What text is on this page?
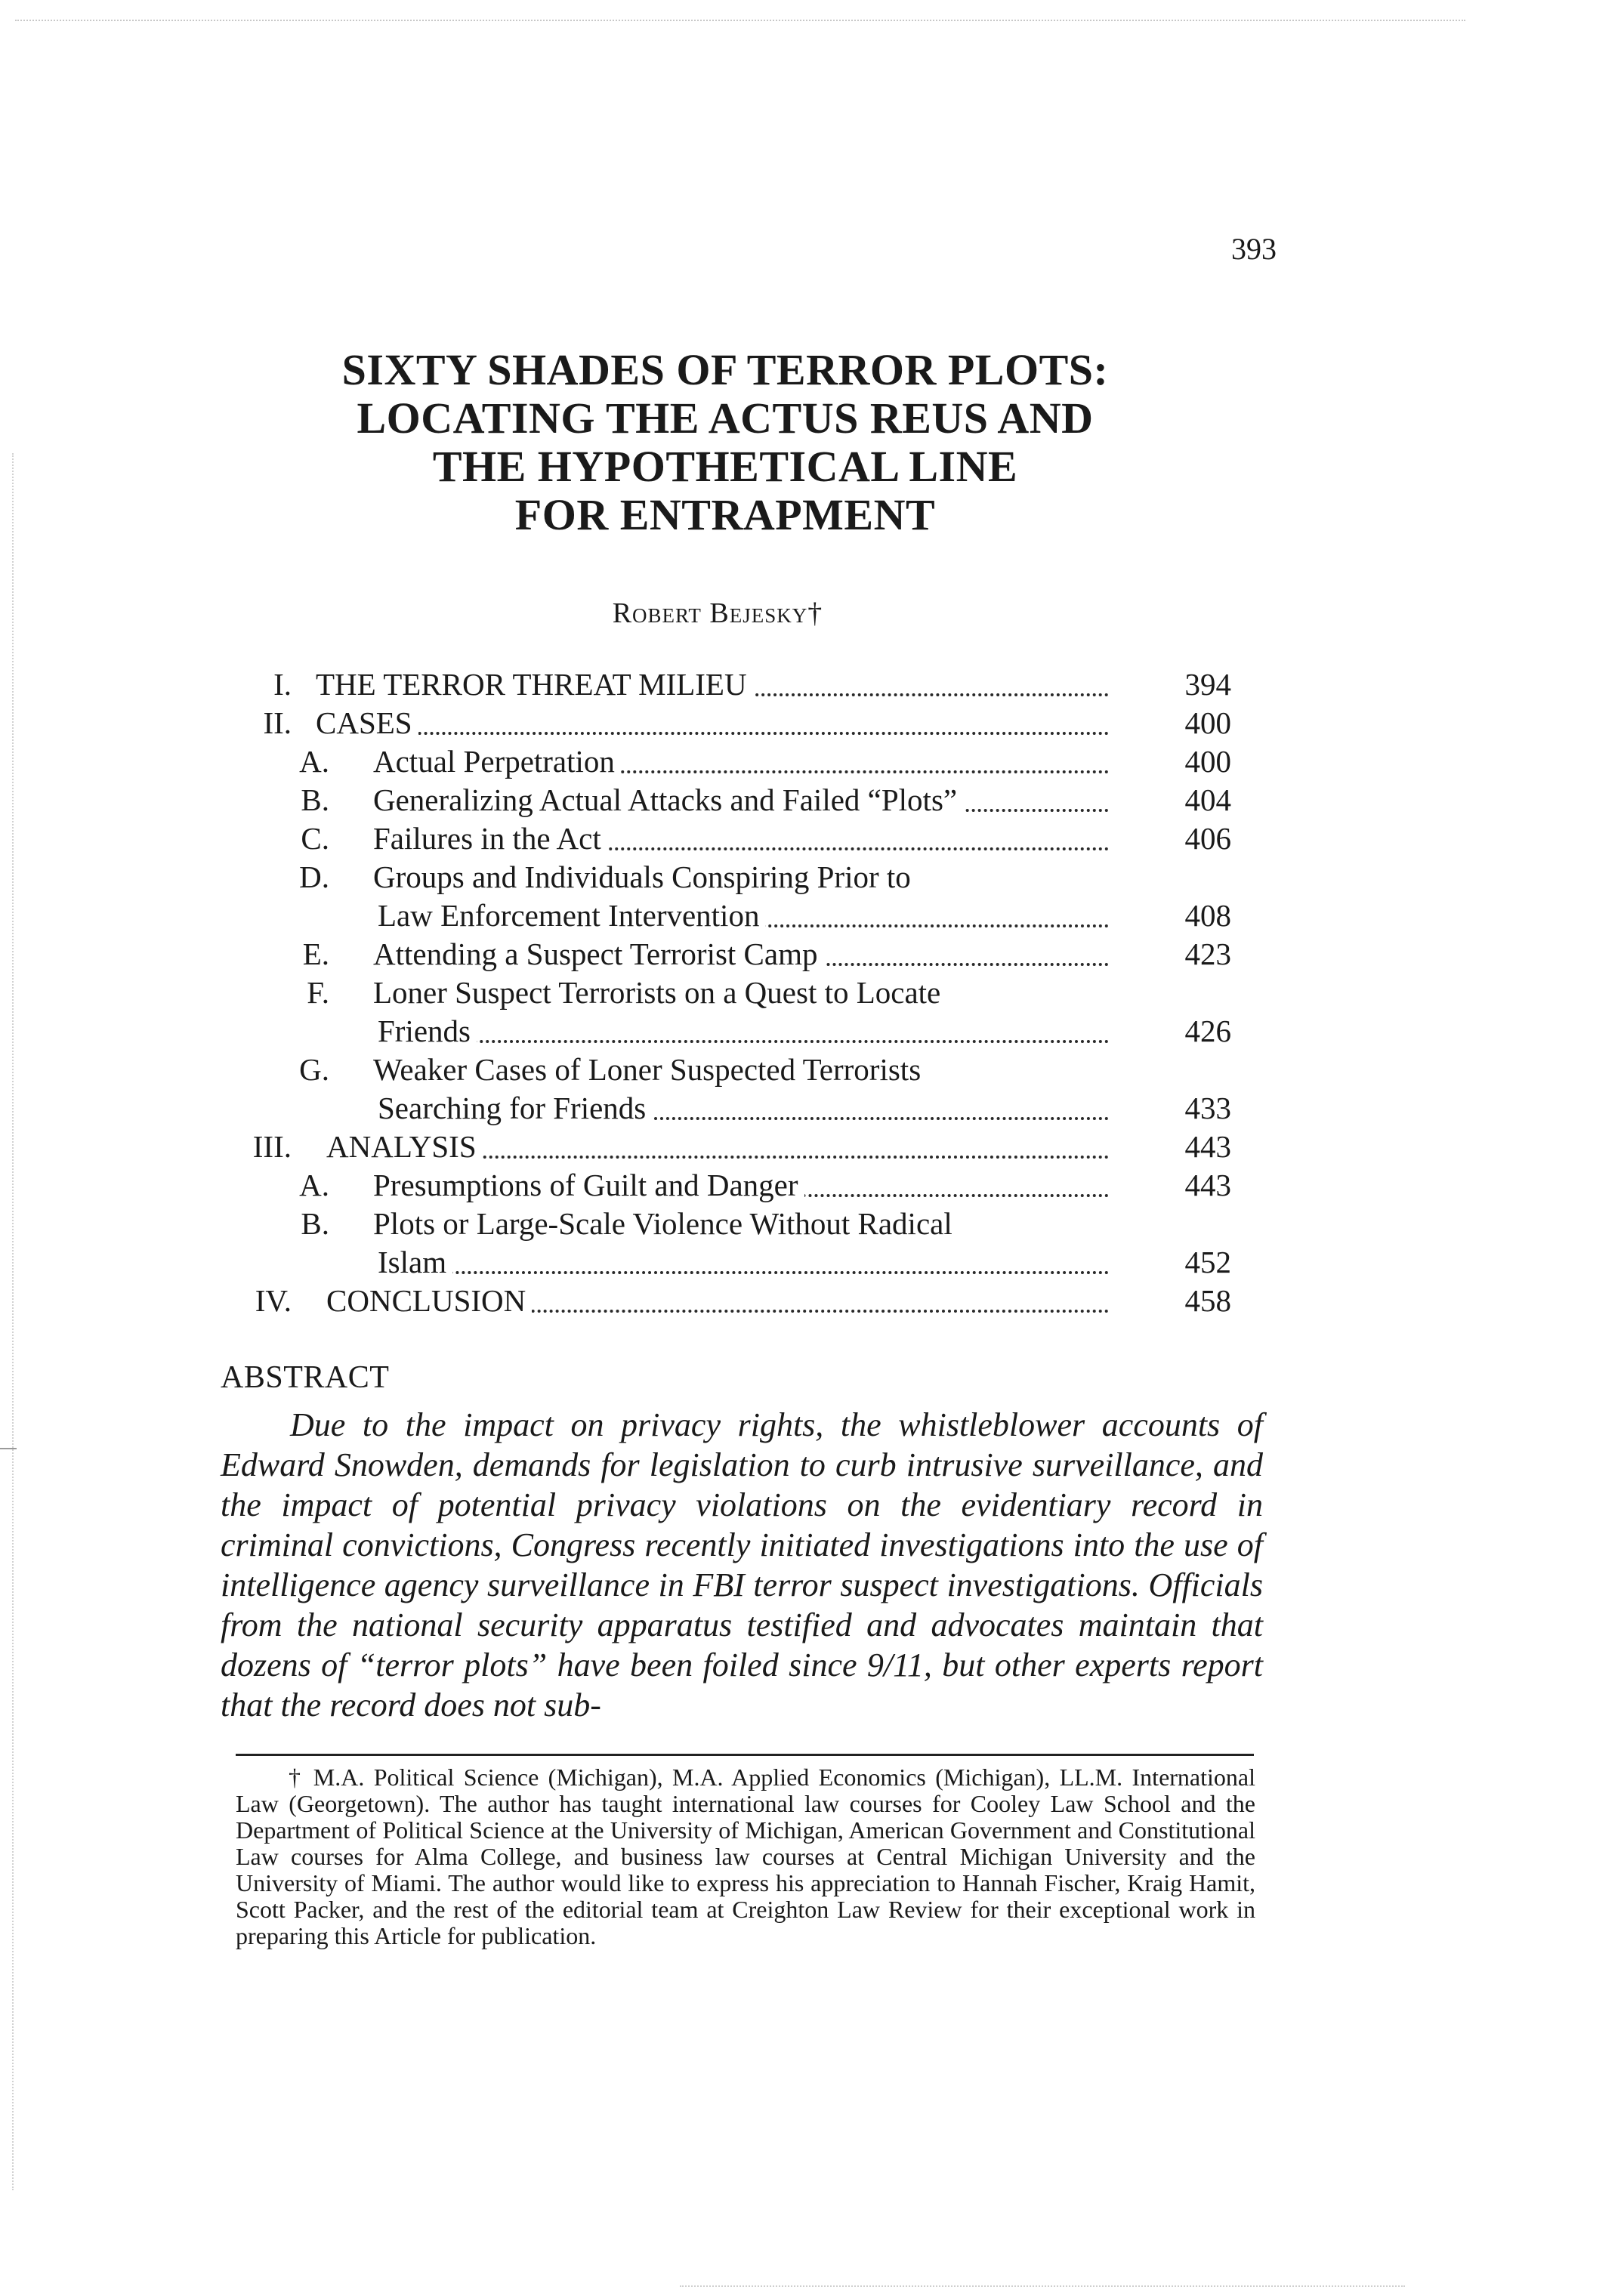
393
SIXTY SHADES OF TERROR PLOTS:
LOCATING THE ACTUS REUS AND
THE HYPOTHETICAL LINE
FOR ENTRAPMENT
Robert Bejesky†
I. THE TERROR THREAT MILIEU	394
II. CASES	400
A. Actual Perpetration	400
B. Generalizing Actual Attacks and Failed “Plots”	404
C. Failures in the Act	406
D. Groups and Individuals Conspiring Prior to
Law Enforcement Intervention	408
E. Attending a Suspect Terrorist Camp	423
F. Loner Suspect Terrorists on a Quest to Locate
Friends	426
G. Weaker Cases of Loner Suspected Terrorists
Searching for Friends	433
III. ANALYSIS	443
A. Presumptions of Guilt and Danger	443
B. Plots or Large-Scale Violence Without Radical
Islam	452
IV. CONCLUSION	458
ABSTRACT

Due to the impact on privacy rights, the whistleblower accounts of Edward Snowden, demands for legislation to curb intrusive surveillance, and the impact of potential privacy violations on the evidentiary record in criminal convictions, Congress recently initiated investigations into the use of intelligence agency surveillance in FBI terror suspect investigations. Officials from the national security apparatus testified and advocates maintain that dozens of “terror plots” have been foiled since 9/11, but other experts report that the record does not sub-

† M.A. Political Science (Michigan), M.A. Applied Economics (Michigan), LL.M. International Law (Georgetown). The author has taught international law courses for Cooley Law School and the Department of Political Science at the University of Michigan, American Government and Constitutional Law courses for Alma College, and business law courses at Central Michigan University and the University of Miami. The author would like to express his appreciation to Hannah Fischer, Kraig Hamit, Scott Packer, and the rest of the editorial team at Creighton Law Review for their exceptional work in preparing this Article for publication.
